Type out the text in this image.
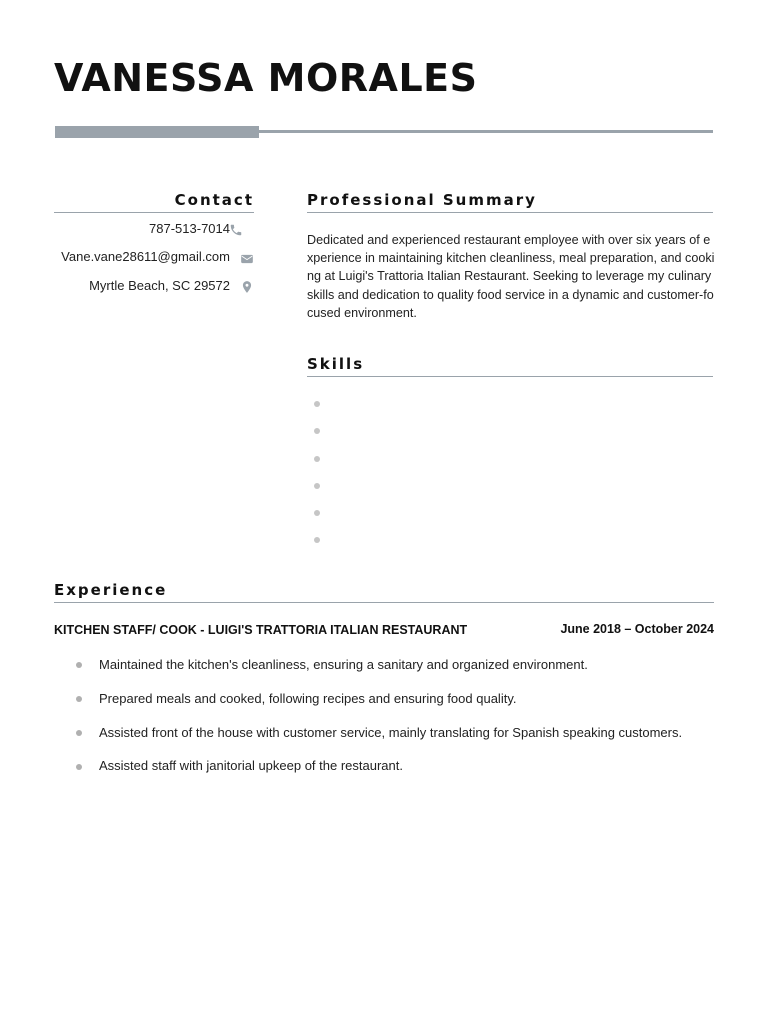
VANESSA MORALES
Contact
787-513-7014
Vane.vane28611@gmail.com
Myrtle Beach, SC 29572
Professional Summary

Dedicated and experienced restaurant employee with over six years of experience in maintaining kitchen cleanliness, meal preparation, and cooking at Luigi's Trattoria Italian Restaurant. Seeking to leverage my culinary skills and dedication to quality food service in a dynamic and customer-focused environment.

Skills
Experience
KITCHEN STAFF/ COOK - LUIGI'S TRATTORIA ITALIAN RESTAURANT	June 2018 – October 2024
Maintained the kitchen's cleanliness, ensuring a sanitary and organized environment.
Prepared meals and cooked, following recipes and ensuring food quality.
Assisted front of the house with customer service, mainly translating for Spanish speaking customers.
Assisted staff with janitorial upkeep of the restaurant.
